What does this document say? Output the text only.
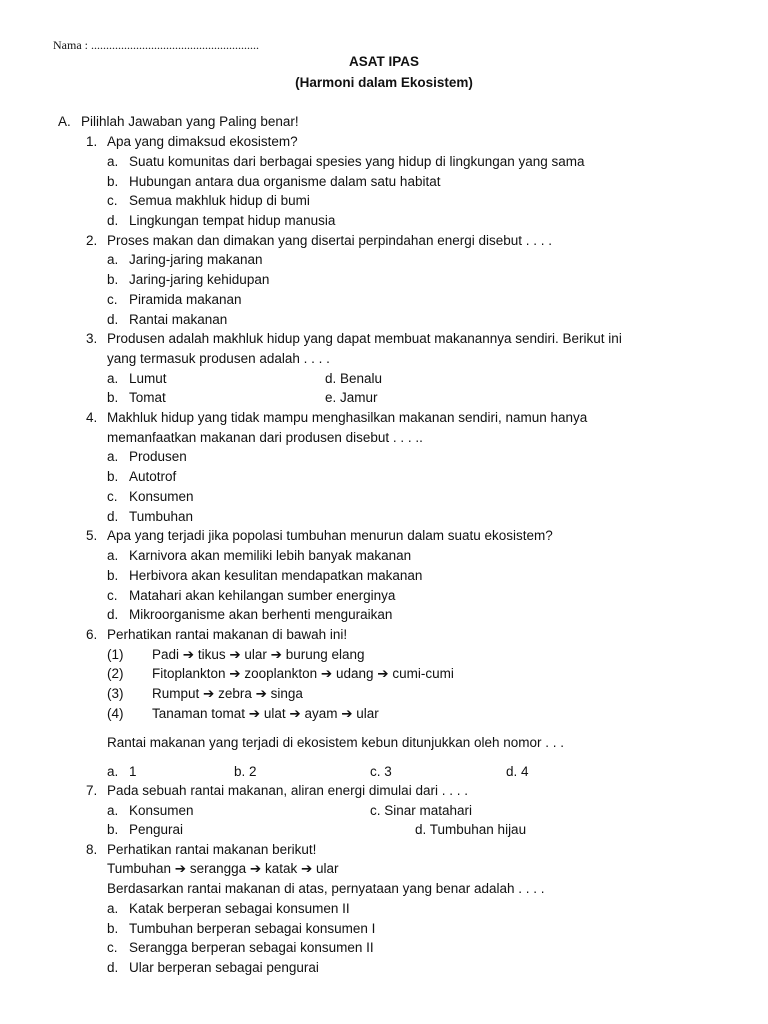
Nama : ........................................................
ASAT IPAS
(Harmoni dalam Ekosistem)
A. Pilihlah Jawaban yang Paling benar!
1. Apa yang dimaksud ekosistem?
a. Suatu komunitas dari berbagai spesies yang hidup di lingkungan yang sama
b. Hubungan antara dua organisme dalam satu habitat
c. Semua makhluk hidup di bumi
d. Lingkungan tempat hidup manusia
2. Proses makan dan dimakan yang disertai perpindahan energi disebut . . . .
a. Jaring-jaring makanan
b. Jaring-jaring kehidupan
c. Piramida makanan
d. Rantai makanan
3. Produsen adalah makhluk hidup yang dapat membuat makanannya sendiri. Berikut ini
yang termasuk produsen adalah . . . .
a. Lumut	d. Benalu
b. Tomat	e. Jamur
4. Makhluk hidup yang tidak mampu menghasilkan makanan sendiri, namun hanya
memanfaatkan makanan dari produsen disebut . . . ..
a. Produsen
b. Autotrof
c. Konsumen
d. Tumbuhan
5. Apa yang terjadi jika popolasi tumbuhan menurun dalam suatu ekosistem?
a. Karnivora akan memiliki lebih banyak makanan
b. Herbivora akan kesulitan mendapatkan makanan
c. Matahari akan kehilangan sumber energinya
d. Mikroorganisme akan berhenti menguraikan
6. Perhatikan rantai makanan di bawah ini!
(1) Padi ➔ tikus ➔ ular ➔ burung elang
(2) Fitoplankton ➔ zooplankton ➔ udang ➔ cumi-cumi
(3) Rumput ➔ zebra ➔ singa
(4) Tanaman tomat ➔ ulat ➔ ayam ➔ ular
Rantai makanan yang terjadi di ekosistem kebun ditunjukkan oleh nomor . . .
a. 1	b. 2	c. 3	d. 4
7. Pada sebuah rantai makanan, aliran energi dimulai dari . . . .
a. Konsumen	c. Sinar matahari
b. Pengurai	d. Tumbuhan hijau
8. Perhatikan rantai makanan berikut!
Tumbuhan ➔ serangga ➔ katak ➔ ular
Berdasarkan rantai makanan di atas, pernyataan yang benar adalah . . . .
a. Katak berperan sebagai konsumen II
b. Tumbuhan berperan sebagai konsumen I
c. Serangga berperan sebagai konsumen II
d. Ular berperan sebagai pengurai
